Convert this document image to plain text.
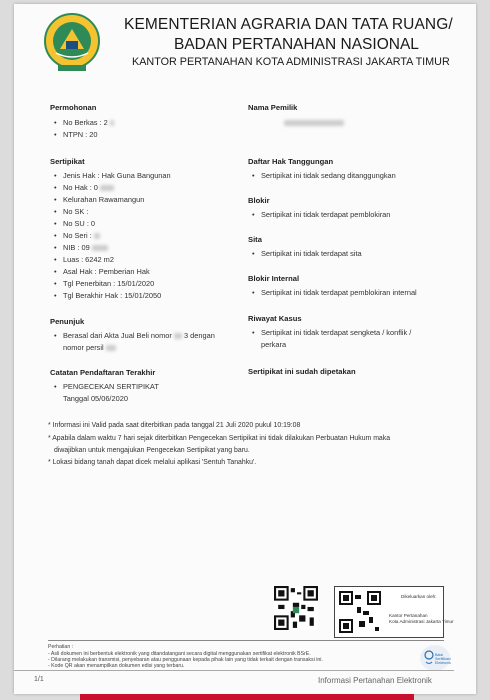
KEMENTERIAN AGRARIA DAN TATA RUANG/
BADAN PERTANAHAN NASIONAL
KANTOR PERTANAHAN KOTA ADMINISTRASI JAKARTA TIMUR
Permohonan
• No Berkas : 2
• NTPN : 20
Sertipikat
• Jenis Hak : Hak Guna Bangunan
• No Hak : 0
• Kelurahan Rawamangun
• No SK :
• No SU : 0
• No Seri :
• NIB : 09
• Luas : 6242 m2
• Asal Hak : Pemberian Hak
• Tgl Penerbitan : 15/01/2020
• Tgl Berakhir Hak : 15/01/2050
Penunjuk
• Berasal dari Akta Jual Beli nomor 3 dengan
nomor persil
Catatan Pendaftaran Terakhir
• PENGECEKAN SERTIPIKAT
Tanggal 05/06/2020
Nama Pemilik
Daftar Hak Tanggungan
• Sertipikat ini tidak sedang ditanggungkan
Blokir
• Sertipikat ini tidak terdapat pemblokiran
Sita
• Sertipikat ini tidak terdapat sita
Blokir Internal
• Sertipikat ini tidak terdapat pemblokiran internal
Riwayat Kasus
• Sertipikat ini tidak terdapat sengketa / konflik /
perkara
Sertipikat ini sudah dipetakan
* Informasi ini Valid pada saat diterbitkan pada tanggal 21 Juli 2020 pukul 10:19:08
* Apabila dalam waktu 7 hari sejak diterbitkan Pengecekan Sertipikat ini tidak dilakukan Perbuatan Hukum maka
diwajibkan untuk mengajukan Pengecekan Sertipikat yang baru.
* Lokasi bidang tanah dapat dicek melalui aplikasi 'Sentuh Tanahku'.
Dikeluarkan oleh:
Kantor Pertanahan
Kota Administrasi Jakarta Timur
Perhatian :
- Asli dokumen ini berbentuk elektronik yang ditandatangani secara digital menggunakan sertifikat elektronik BSrE.
- Dilarang melakukan transmisi, penyebaran atau penggunaan kepada pihak lain yang tidak terkait dengan transaksi ini.
- Kode QR akan menampilkan dokumen edisi yang terbaru.
Balai Sertifikasi Elektronik
1/1	Informasi Pertanahan Elektronik
